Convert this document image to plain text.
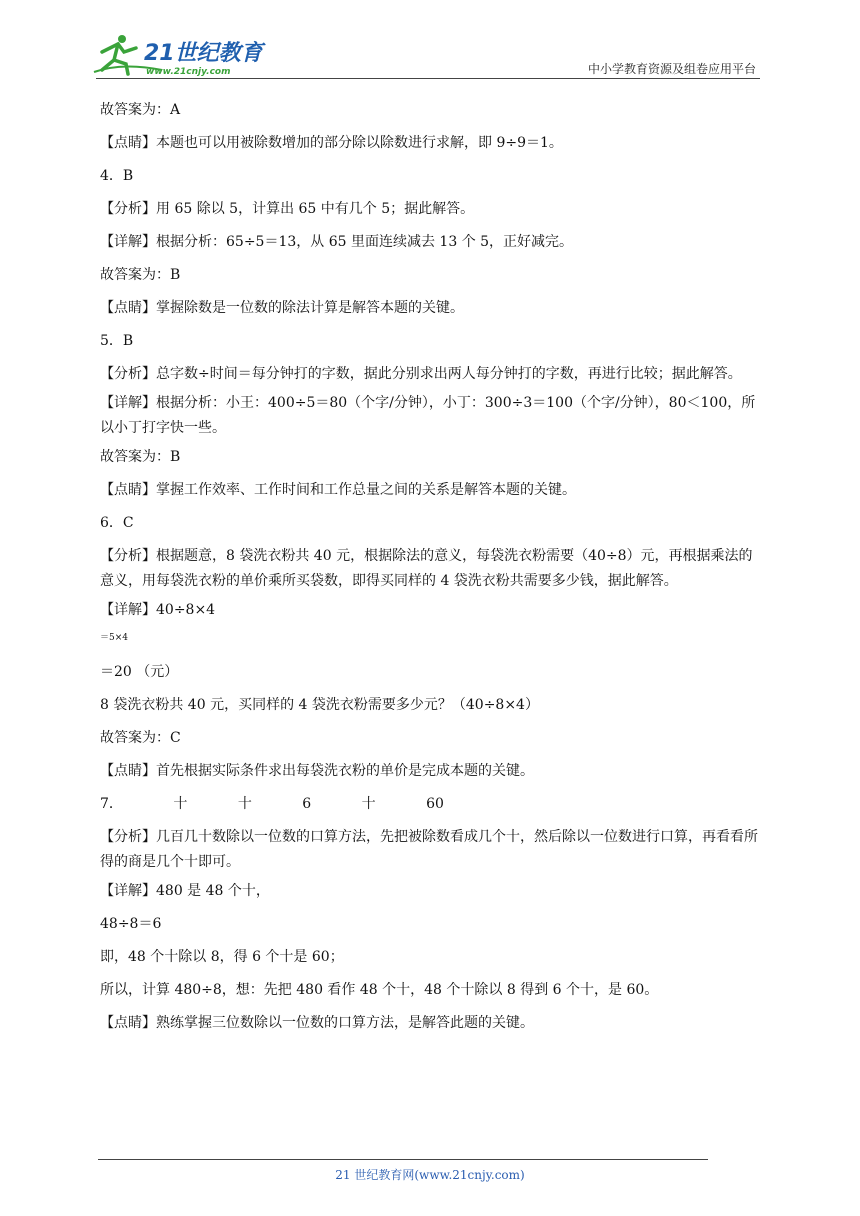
21世纪教育
www.21cnjy.com	中小学教育资源及组卷应用平台
故答案为：A
【点睛】本题也可以用被除数增加的部分除以除数进行求解，即 9÷9＝1。
4．B
【分析】用 65 除以 5，计算出 65 中有几个 5；据此解答。
【详解】根据分析：65÷5＝13，从 65 里面连续减去 13 个 5，正好减完。
故答案为：B
【点睛】掌握除数是一位数的除法计算是解答本题的关键。
5．B
【分析】总字数÷时间＝每分钟打的字数，据此分别求出两人每分钟打的字数，再进行比较；据此解答。
【详解】根据分析：小王：400÷5＝80（个字/分钟），小丁：300÷3＝100（个字/分钟），80＜100，所以小丁打字快一些。
故答案为：B
【点睛】掌握工作效率、工作时间和工作总量之间的关系是解答本题的关键。
6．C
【分析】根据题意，8 袋洗衣粉共 40 元，根据除法的意义，每袋洗衣粉需要（40÷8）元，再根据乘法的意义，用每袋洗衣粉的单价乘所买袋数，即得买同样的 4 袋洗衣粉共需要多少钱，据此解答。
【详解】40÷8×4
＝5×4
＝20 （元）
8 袋洗衣粉共 40 元，买同样的 4 袋洗衣粉需要多少元？（40÷8×4）
故答案为：C
【点睛】首先根据实际条件求出每袋洗衣粉的单价是完成本题的关键。
7．	十	十	6	十	60
【分析】几百几十数除以一位数的口算方法，先把被除数看成几个十，然后除以一位数进行口算，再看看所得的商是几个十即可。
【详解】480 是 48 个十，
48÷8＝6
即，48 个十除以 8，得 6 个十是 60；
所以，计算 480÷8，想：先把 480 看作 48 个十，48 个十除以 8 得到 6 个十，是 60。
【点睛】熟练掌握三位数除以一位数的口算方法，是解答此题的关键。
21 世纪教育网(www.21cnjy.com)
